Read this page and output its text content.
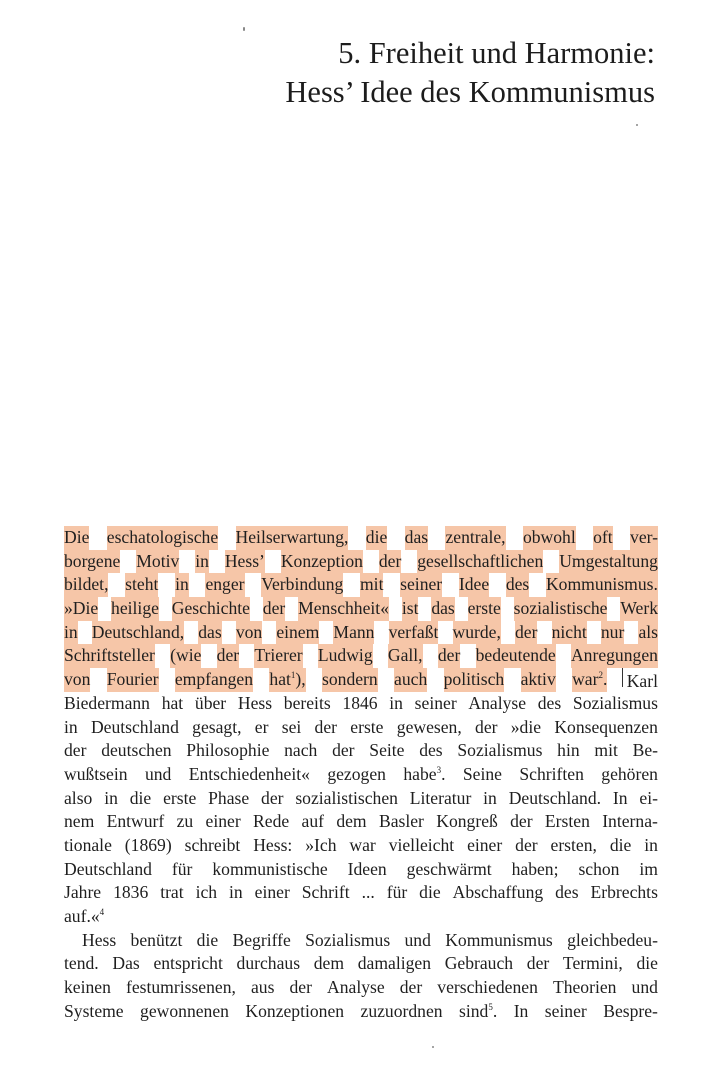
5. Freiheit und Harmonie:
Hess’ Idee des Kommunismus
Die eschatologische Heilserwartung, die das zentrale, obwohl oft ver-
borgene Motiv in Hess’ Konzeption der gesellschaftlichen Umgestaltung
bildet, steht in enger Verbindung mit seiner Idee des Kommunismus.
»Die heilige Geschichte der Menschheit« ist das erste sozialistische Werk
in Deutschland, das von einem Mann verfaßt wurde, der nicht nur als
Schriftsteller (wie der Trierer Ludwig Gall, der bedeutende Anregungen
von Fourier empfangen hat$^1$), sondern auch politisch aktiv war$^2$. Karl
Biedermann hat über Hess bereits 1846 in seiner Analyse des Sozialismus
in Deutschland gesagt, er sei der erste gewesen, der »die Konsequenzen
der deutschen Philosophie nach der Seite des Sozialismus hin mit Be-
wußtsein und Entschiedenheit« gezogen habe$^3$. Seine Schriften gehören
also in die erste Phase der sozialistischen Literatur in Deutschland. In ei-
nem Entwurf zu einer Rede auf dem Basler Kongreß der Ersten Interna-
tionale (1869) schreibt Hess: »Ich war vielleicht einer der ersten, die in
Deutschland für kommunistische Ideen geschwärmt haben; schon im
Jahre 1836 trat ich in einer Schrift ... für die Abschaffung des Erbrechts
auf.«$^4$
Hess benützt die Begriffe Sozialismus und Kommunismus gleichbedeu-
tend. Das entspricht durchaus dem damaligen Gebrauch der Termini, die
keinen festumrissenen, aus der Analyse der verschiedenen Theorien und
Systeme gewonnenen Konzeptionen zuzuordnen sind$^5$. In seiner Bespre-
